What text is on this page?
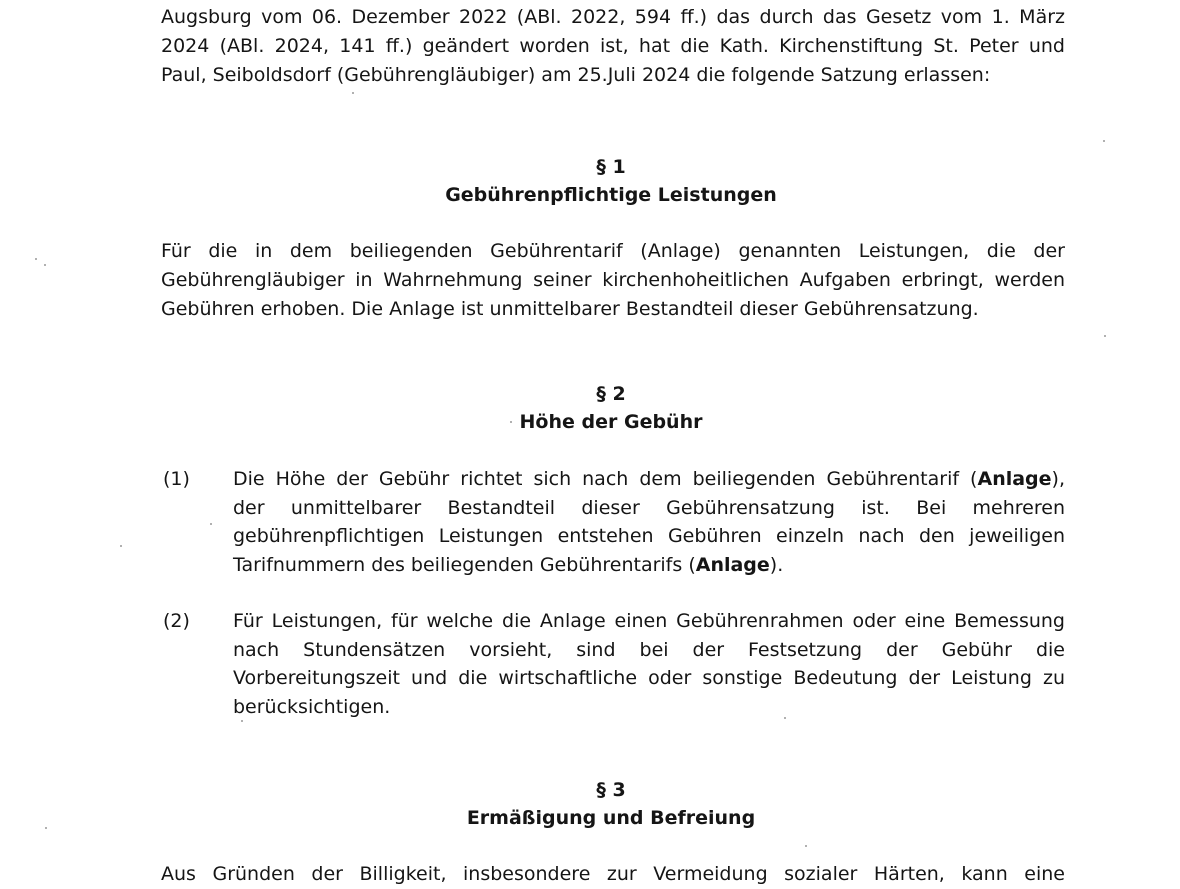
Augsburg vom 06. Dezember 2022 (ABl. 2022, 594 ff.) das durch das Gesetz vom 1. März
2024 (ABl. 2024, 141 ff.) geändert worden ist, hat die Kath. Kirchenstiftung St. Peter und
Paul, Seiboldsdorf (Gebührengläubiger) am 25.Juli 2024 die folgende Satzung erlassen:
§ 1
Gebührenpflichtige Leistungen
Für die in dem beiliegenden Gebührentarif (Anlage) genannten Leistungen, die der
Gebührengläubiger in Wahrnehmung seiner kirchenhoheitlichen Aufgaben erbringt, werden
Gebühren erhoben. Die Anlage ist unmittelbarer Bestandteil dieser Gebührensatzung.
§ 2
Höhe der Gebühr
(1) Die Höhe der Gebühr richtet sich nach dem beiliegenden Gebührentarif (Anlage),
der unmittelbarer Bestandteil dieser Gebührensatzung ist. Bei mehreren
gebührenpflichtigen Leistungen entstehen Gebühren einzeln nach den jeweiligen
Tarifnummern des beiliegenden Gebührentarifs (Anlage).
(2) Für Leistungen, für welche die Anlage einen Gebührenrahmen oder eine Bemessung
nach Stundensätzen vorsieht, sind bei der Festsetzung der Gebühr die
Vorbereitungszeit und die wirtschaftliche oder sonstige Bedeutung der Leistung zu
berücksichtigen.
§ 3
Ermäßigung und Befreiung
Aus Gründen der Billigkeit, insbesondere zur Vermeidung sozialer Härten, kann eine
